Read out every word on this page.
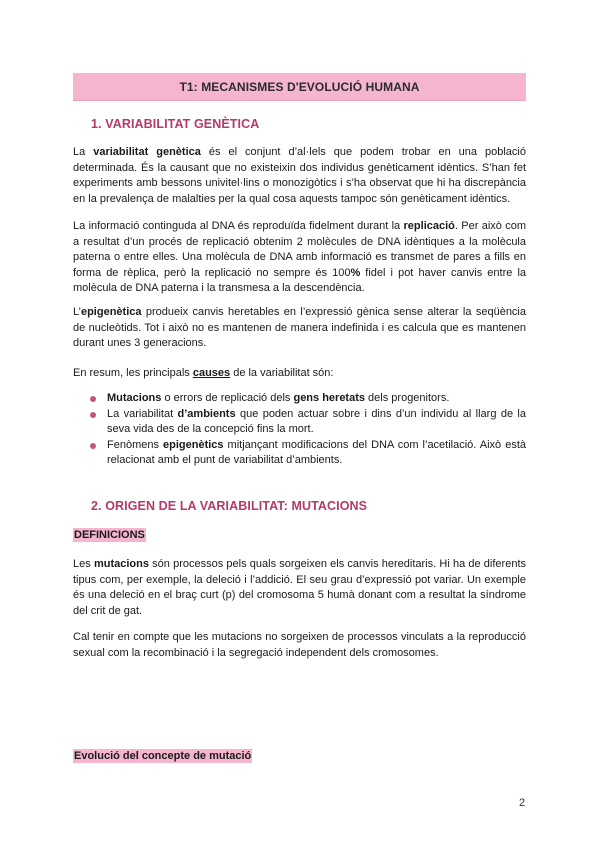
T1: MECANISMES D'EVOLUCIÓ HUMANA
1. VARIABILITAT GENÈTICA
La variabilitat genètica és el conjunt d’al·lels que podem trobar en una població determinada. És la causant que no existeixin dos individus genèticament idèntics. S’han fet experiments amb bessons univitel·lins o monozigòtics i s’ha observat que hi ha discrepància en la prevalença de malalties per la qual cosa aquests tampoc són genèticament idèntics.
La informació continguda al DNA és reproduïda fidelment durant la replicació. Per això com a resultat d’un procés de replicació obtenim 2 molècules de DNA idèntiques a la molècula paterna o entre elles. Una molècula de DNA amb informació es transmet de pares a fills en forma de rèplica, però la replicació no sempre és 100% fidel i pot haver canvis entre la molècula de DNA paterna i la transmesa a la descendència.
L’epigenètica produeix canvis heretables en l’expressió gènica sense alterar la seqüència de nucleòtids. Tot i això no es mantenen de manera indefinida i es calcula que es mantenen durant unes 3 generacions.
En resum, les principals causes de la variabilitat són:
Mutacions o errors de replicació dels gens heretats dels progenitors.
La variabilitat d’ambients que poden actuar sobre i dins d’un individu al llarg de la seva vida des de la concepció fins la mort.
Fenòmens epigenètics mitjançant modificacions del DNA com l’acetilació. Això està relacionat amb el punt de variabilitat d’ambients.
2. ORIGEN DE LA VARIABILITAT: MUTACIONS
DEFINICIONS
Les mutacions són processos pels quals sorgeixen els canvis hereditaris. Hi ha de diferents tipus com, per exemple, la deleció i l’addició. El seu grau d’expressió pot variar. Un exemple és una deleció en el braç curt (p) del cromosoma 5 humà donant com a resultat la síndrome del crit de gat.
Cal tenir en compte que les mutacions no sorgeixen de processos vinculats a la reproducció sexual com la recombinació i la segregació independent dels cromosomes.
Evolució del concepte de mutació
2
